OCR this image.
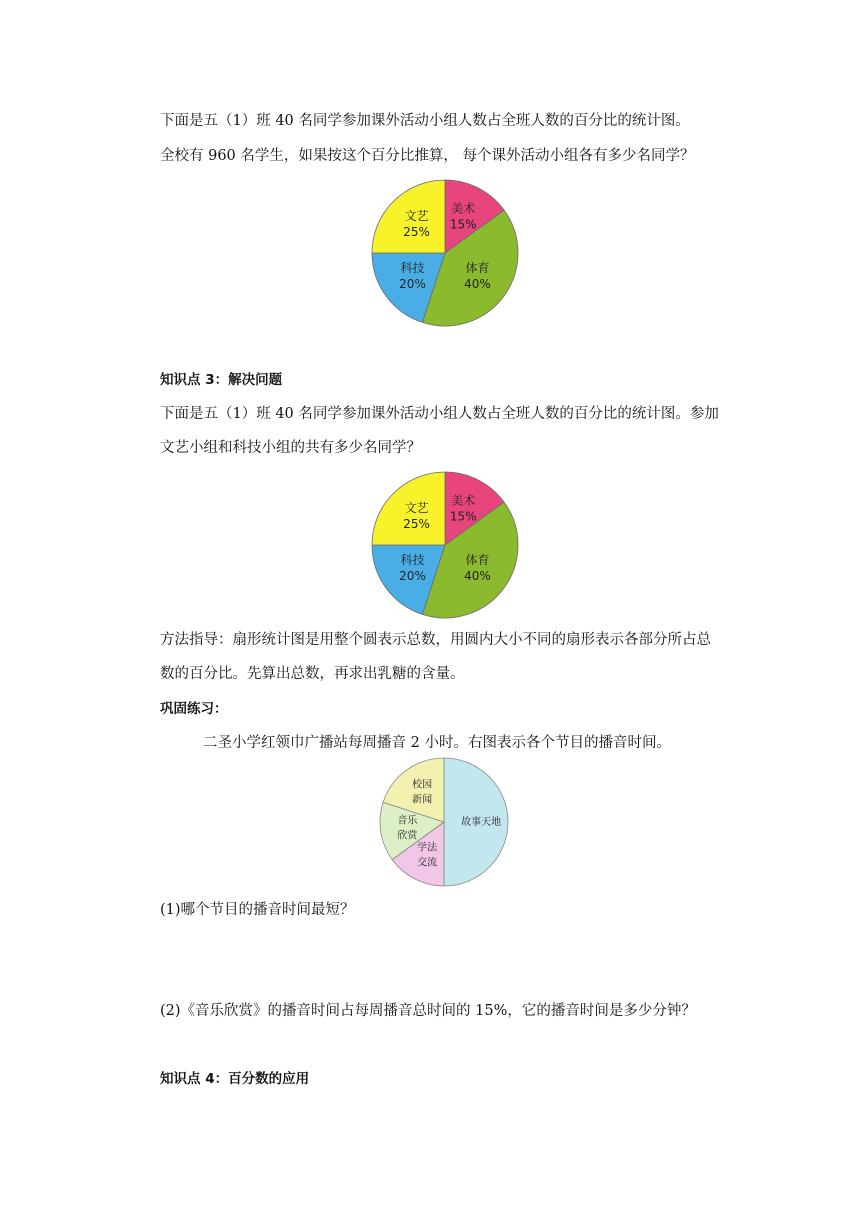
下面是五（1）班 40 名同学参加课外活动小组人数占全班人数的百分比的统计图。
全校有 960 名学生，如果按这个百分比推算， 每个课外活动小组各有多少名同学？
美术
15%
体育
40%
科技
20%
文艺
25%
知识点 3：解决问题
下面是五（1）班 40 名同学参加课外活动小组人数占全班人数的百分比的统计图。参加
文艺小组和科技小组的共有多少名同学？
美术
15%
体育
40%
科技
20%
文艺
25%
方法指导：扇形统计图是用整个圆表示总数，用圆内大小不同的扇形表示各部分所占总
数的百分比。先算出总数，再求出乳糖的含量。
巩固练习：
二圣小学红领巾广播站每周播音 2 小时。右图表示各个节目的播音时间。
故事天地
学法
交流
音乐
欣赏
校园
新闻
(1)哪个节目的播音时间最短？
(2)《音乐欣赏》的播音时间占每周播音总时间的 15%，它的播音时间是多少分钟？
知识点 4：百分数的应用
